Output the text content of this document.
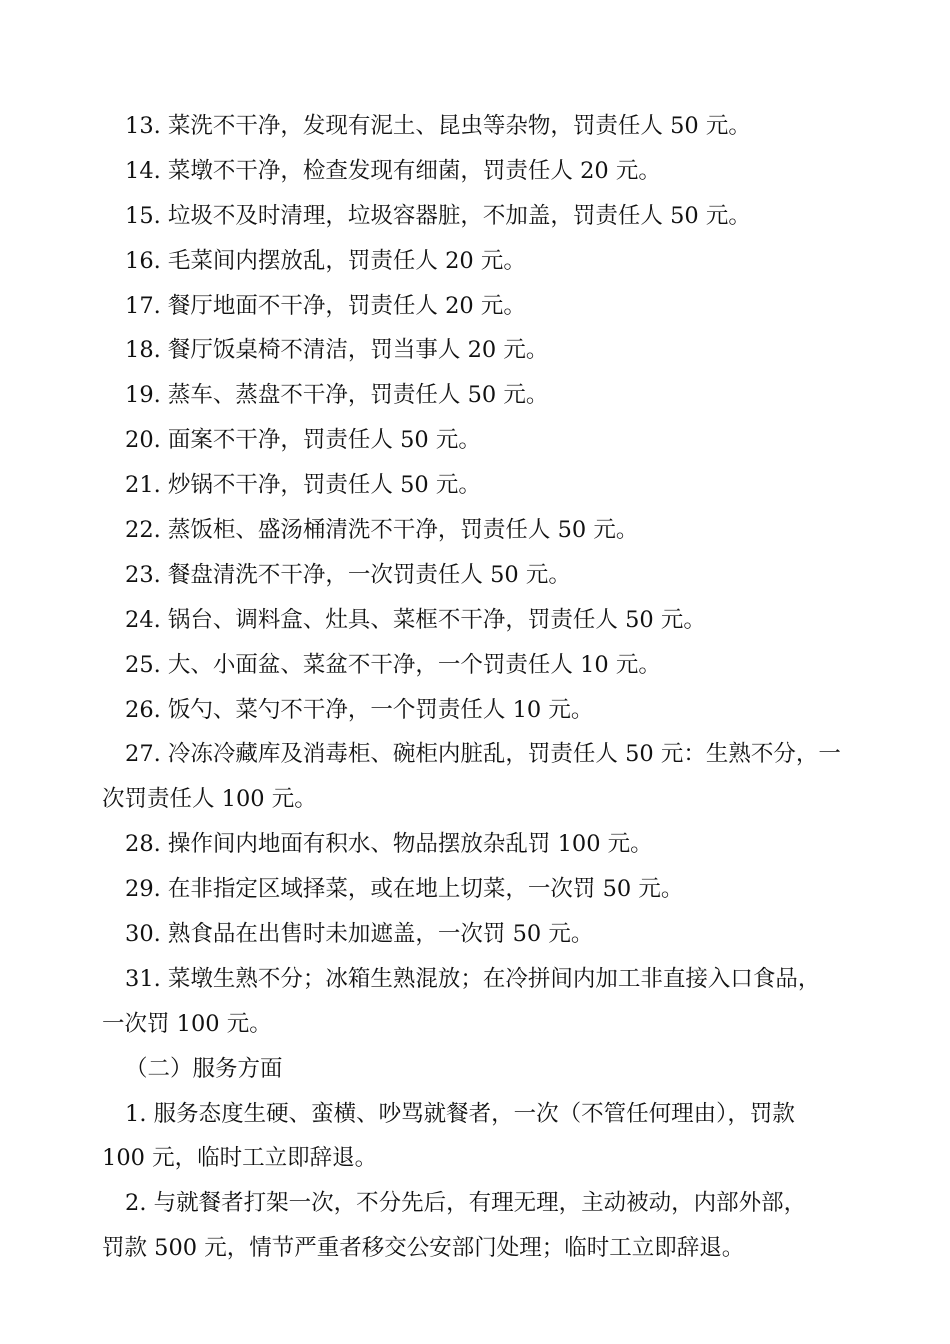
13. 菜洗不干净，发现有泥土、昆虫等杂物，罚责任人 50 元。
14. 菜墩不干净，检查发现有细菌，罚责任人 20 元。
15. 垃圾不及时清理，垃圾容器脏，不加盖，罚责任人 50 元。
16. 毛菜间内摆放乱，罚责任人 20 元。
17. 餐厅地面不干净，罚责任人 20 元。
18. 餐厅饭桌椅不清洁，罚当事人 20 元。
19. 蒸车、蒸盘不干净，罚责任人 50 元。
20. 面案不干净，罚责任人 50 元。
21. 炒锅不干净，罚责任人 50 元。
22. 蒸饭柜、盛汤桶清洗不干净，罚责任人 50 元。
23. 餐盘清洗不干净，一次罚责任人 50 元。
24. 锅台、调料盒、灶具、菜框不干净，罚责任人 50 元。
25. 大、小面盆、菜盆不干净，一个罚责任人 10 元。
26. 饭勺、菜勺不干净，一个罚责任人 10 元。
27. 冷冻冷藏库及消毒柜、碗柜内脏乱，罚责任人 50 元：生熟不分，一
次罚责任人 100 元。
28. 操作间内地面有积水、物品摆放杂乱罚 100 元。
29. 在非指定区域择菜，或在地上切菜，一次罚 50 元。
30. 熟食品在出售时未加遮盖，一次罚 50 元。
31. 菜墩生熟不分；冰箱生熟混放；在冷拼间内加工非直接入口食品，
一次罚 100 元。
（二）服务方面
1. 服务态度生硬、蛮横、吵骂就餐者，一次（不管任何理由），罚款
100 元，临时工立即辞退。
2. 与就餐者打架一次，不分先后，有理无理，主动被动，内部外部，
罚款 500 元，情节严重者移交公安部门处理；临时工立即辞退。
